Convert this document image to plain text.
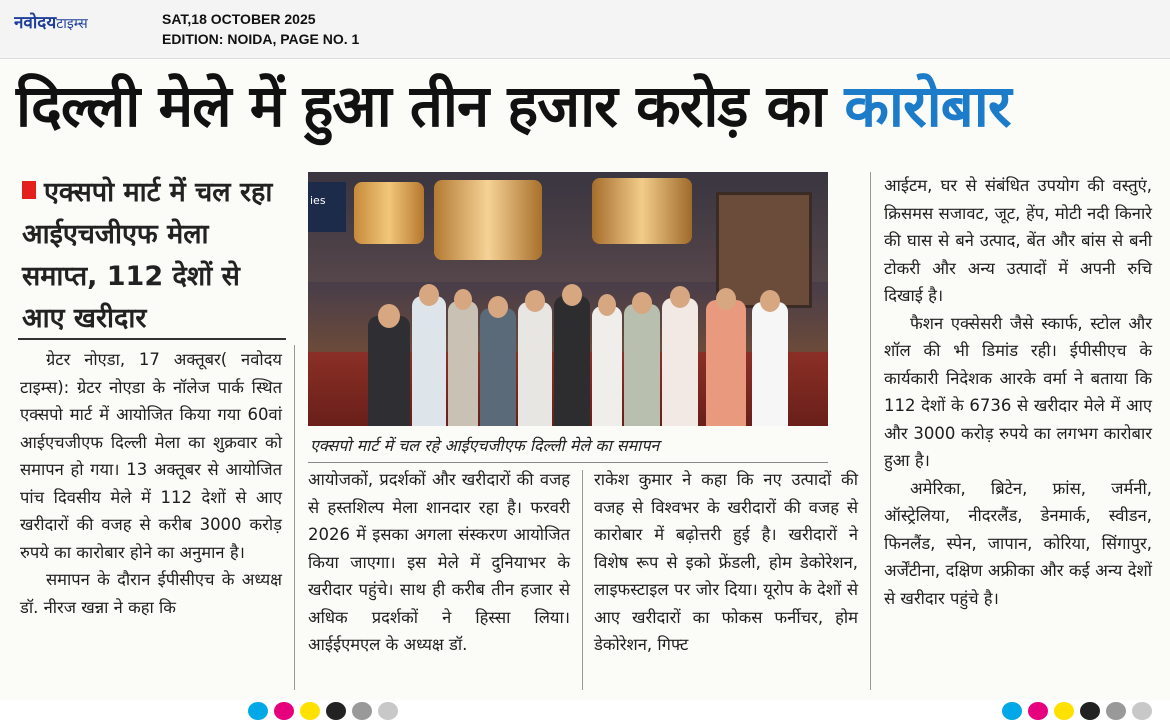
नवोदयटाइम्स	SAT,18 OCTOBER 2025
EDITION: NOIDA, PAGE NO. 1
दिल्ली मेले में हुआ तीन हजार करोड़ का कारोबार
एक्सपो मार्ट में चल रहा आईएचजीएफ मेला समाप्त, 112 देशों से आए खरीदार

ग्रेटर नोएडा, 17 अक्तूबर( नवोदय टाइम्स): ग्रेटर नोएडा के नॉलेज पार्क स्थित एक्सपो मार्ट में आयोजित किया गया 60वां आईएचजीएफ दिल्ली मेला का शुक्रवार को समापन हो गया। 13 अक्तूबर से आयोजित पांच दिवसीय मेले में 112 देशों से आए खरीदारों की वजह से करीब 3000 करोड़ रुपये का कारोबार होने का अनुमान है।

समापन के दौरान ईपीसीएच के अध्यक्ष डॉ. नीरज खन्ना ने कहा कि

ies
एक्सपो मार्ट में चल रहे आईएचजीएफ दिल्ली मेले का समापन

आयोजकों, प्रदर्शकों और खरीदारों की वजह से हस्तशिल्प मेला शानदार रहा है। फरवरी 2026 में इसका अगला संस्करण आयोजित किया जाएगा। इस मेले में दुनियाभर के खरीदार पहुंचे। साथ ही करीब तीन हजार से अधिक प्रदर्शकों ने हिस्सा लिया। आईईएमएल के अध्यक्ष डॉ.

राकेश कुमार ने कहा कि नए उत्पादों की वजह से विश्वभर के खरीदारों की वजह से कारोबार में बढ़ोत्तरी हुई है। खरीदारों ने विशेष रूप से इको फ्रेंडली, होम डेकोरेशन, लाइफस्टाइल पर जोर दिया। यूरोप के देशों से आए खरीदारों का फोकस फर्नीचर, होम डेकोरेशन, गिफ्ट

आईटम, घर से संबंधित उपयोग की वस्तुएं, क्रिसमस सजावट, जूट, हेंप, मोटी नदी किनारे की घास से बने उत्पाद, बेंत और बांस से बनी टोकरी और अन्य उत्पादों में अपनी रुचि दिखाई है।

फैशन एक्सेसरी जैसे स्कार्फ, स्टोल और शॉल की भी डिमांड रही। ईपीसीएच के कार्यकारी निदेशक आरके वर्मा ने बताया कि 112 देशों के 6736 से खरीदार मेले में आए और 3000 करोड़ रुपये का लगभग कारोबार हुआ है।

अमेरिका, ब्रिटेन, फ्रांस, जर्मनी, ऑस्ट्रेलिया, नीदरलैंड, डेनमार्क, स्वीडन, फिनलैंड, स्पेन, जापान, कोरिया, सिंगापुर, अर्जेंटीना, दक्षिण अफ्रीका और कई अन्य देशों से खरीदार पहुंचे है।
